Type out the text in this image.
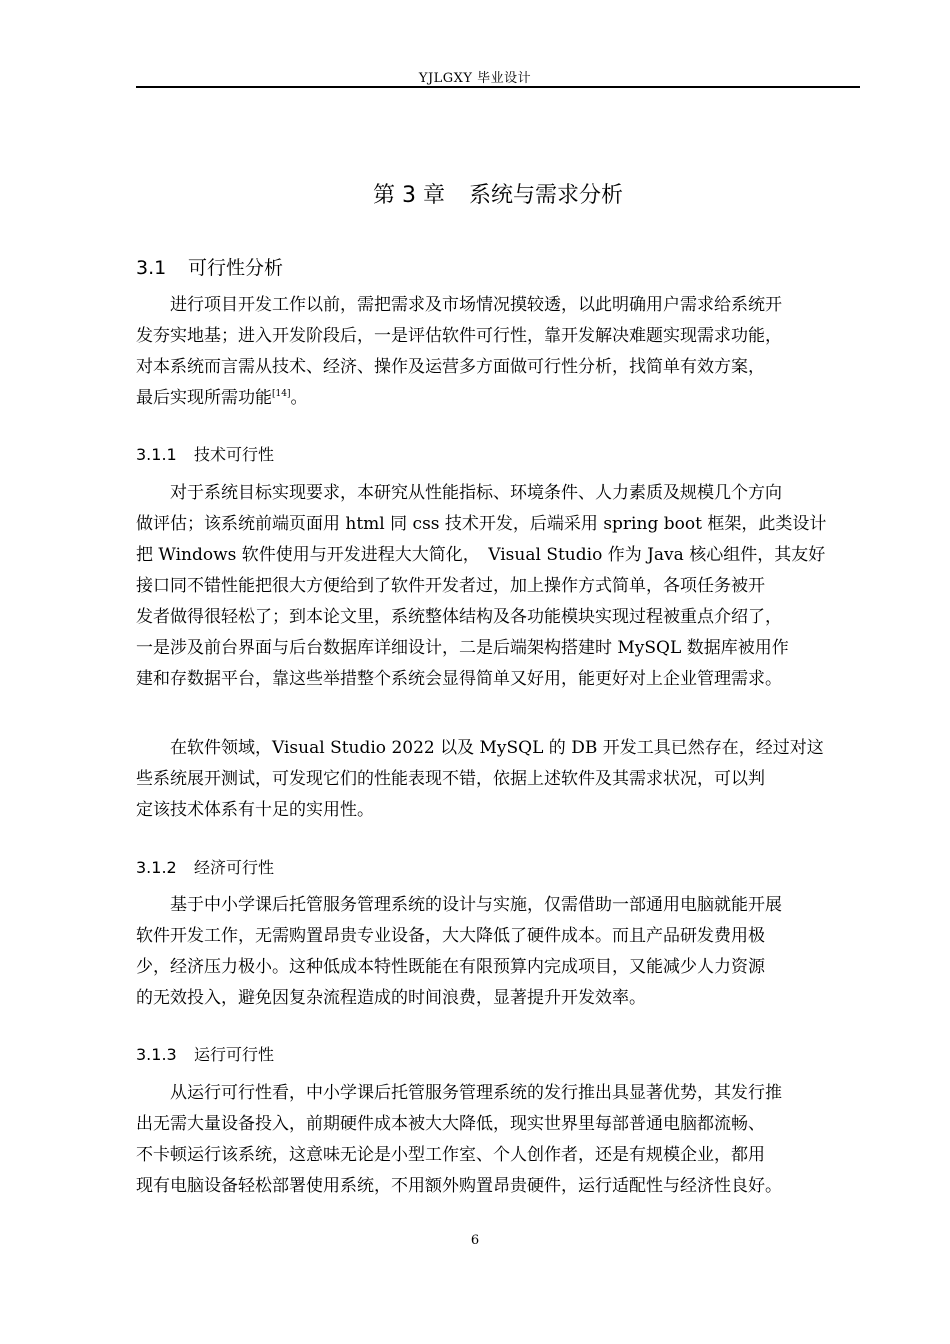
YJLGXY 毕业设计
第 3 章 系统与需求分析
3.1 可行性分析
进行项目开发工作以前，需把需求及市场情况摸较透，以此明确用户需求给系统开
发夯实地基；进入开发阶段后，一是评估软件可行性，靠开发解决难题实现需求功能，
对本系统而言需从技术、经济、操作及运营多方面做可行性分析，找简单有效方案，
最后实现所需功能[14]。
3.1.1 技术可行性
对于系统目标实现要求，本研究从性能指标、环境条件、人力素质及规模几个方向
做评估；该系统前端页面用 html 同 css 技术开发，后端采用 spring boot 框架，此类设计
把 Windows 软件使用与开发进程大大简化，　Visual Studio 作为 Java 核心组件，其友好
接口同不错性能把很大方便给到了软件开发者过，加上操作方式简单，各项任务被开
发者做得很轻松了；到本论文里，系统整体结构及各功能模块实现过程被重点介绍了，
一是涉及前台界面与后台数据库详细设计，二是后端架构搭建时 MySQL 数据库被用作
建和存数据平台，靠这些举措整个系统会显得简单又好用，能更好对上企业管理需求。
在软件领域，Visual Studio 2022 以及 MySQL 的 DB 开发工具已然存在，经过对这
些系统展开测试，可发现它们的性能表现不错，依据上述软件及其需求状况，可以判
定该技术体系有十足的实用性。
3.1.2 经济可行性
基于中小学课后托管服务管理系统的设计与实施，仅需借助一部通用电脑就能开展
软件开发工作，无需购置昂贵专业设备，大大降低了硬件成本。而且产品研发费用极
少，经济压力极小。这种低成本特性既能在有限预算内完成项目，又能减少人力资源
的无效投入，避免因复杂流程造成的时间浪费，显著提升开发效率。
3.1.3 运行可行性
从运行可行性看，中小学课后托管服务管理系统的发行推出具显著优势，其发行推
出无需大量设备投入，前期硬件成本被大大降低，现实世界里每部普通电脑都流畅、
不卡顿运行该系统，这意味无论是小型工作室、个人创作者，还是有规模企业，都用
现有电脑设备轻松部署使用系统，不用额外购置昂贵硬件，运行适配性与经济性良好。
6
